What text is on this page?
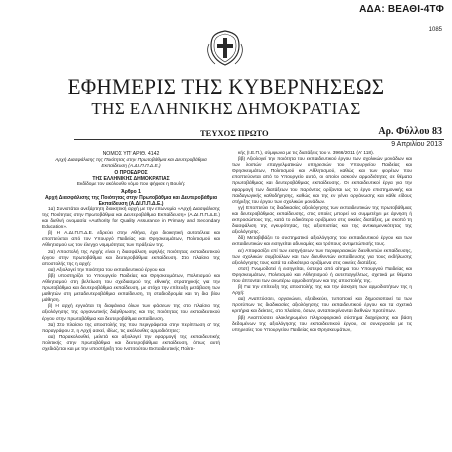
ΑΔΑ: ΒΕΑΘΙ-4ΤΦ
1085
ΕΦΗΜΕΡΙΣ ΤΗΣ ΚΥΒΕΡΝΗΣΕΩΣ
ΤΗΣ ΕΛΛΗΝΙΚΗΣ ΔΗΜΟΚΡΑΤΙΑΣ
ΤΕΥΧΟΣ ΠΡΩΤΟ	Αρ. Φύλλου 83
9 Απριλίου 2013

ΝΟΜΟΣ ΥΠ' ΑΡΙΘ. 4142

Αρχή Διασφάλισης της Ποιότητας στην Πρωτοβάθμια και Δευτεροβάθμια Εκπαίδευση (Α.ΔΙ.Π.Π.Δ.Ε.)

Ο ΠΡΟΕΔΡΟΣ

ΤΗΣ ΕΛΛΗΝΙΚΗΣ ΔΗΜΟΚΡΑΤΙΑΣ

Εκδίδομε τον ακόλουθο νόμο που ψήφισε η Βουλή:

Άρθρο 1

Αρχή Διασφάλισης της Ποιότητας στην Πρωτοβάθμια και Δευτεροβάθμια Εκπαίδευση (Α.ΔΙ.Π.Π.Δ.Ε.)

1α) Συνιστάται ανεξάρτητη διοικητική αρχή με την επωνυμία «Αρχή Διασφάλισης της Ποιότητας στην Πρωτοβάθμια και Δευτεροβάθμια Εκπαίδευση» (Α.ΔΙ.Π.Π.Δ.Ε.) και διεθνή ονομασία «Authority for Quality Assurance in Primary and Secondary Education».

β) Η Α.ΔΙ.Π.Π.Δ.Ε. εδρεύει στην Αθήνα, έχει διοικητική αυτοτέλεια και εποπτεύεται από τον Υπουργό Παιδείας και Θρησκευμάτων, Πολιτισμού και Αθλητισμού ως τον έλεγχο νομιμότητας των πράξεών της.

2α) Αποστολή της Αρχής είναι η διασφάλιση υψηλής ποιότητας εκπαιδευτικού έργου στην πρωτοβάθμια και δευτεροβάθμια εκπαίδευση. Στο πλαίσιο της αποστολής της η αρχή:

αα) Αξιολογεί την ποιότητα του εκπαιδευτικού έργου και

ββ) υποστηρίζει το Υπουργείο Παιδείας και Θρησκευμάτων, Πολιτισμού και Αθλητισμού στη βελτίωση του σχεδιασμού της εθνικής στρατηγικής για την πρωτοβάθμια και δευτεροβάθμια εκπαίδευση, με στόχο την επίτευξη μετάβαση των μαθητών στη μεταδευτεροβάθμια εκπαίδευση, τη σταδιοδρομία και τη δια βίου μάθηση.

β) Η αρχή εγγυάται τη διαφάνεια όλων των φάσεων της στο πλαίσιο της αξιολόγησης της οργανωτικής διάρθρωσης και της ποιότητας του εκπαιδευτικού έργου στην πρωτοβάθμια και δευτεροβάθμια εκπαίδευση.

3α) Στο πλαίσιο της αποστολής της που περιγράφεται στην περίπτωση α' της παραγράφου 2, η Αρχή ασκεί, ιδίως, τις ακόλουθες αρμοδιότητες:

αα) Παρακολουθεί, μελετά και αξιολογεί την εφαρμογή της εκπαιδευτικής πολιτικής στην πρωτοβάθμια και δευτεροβάθμια εκπαίδευση, όπως αυτή σχεδιάζεται και με την υποστήριξη του Ινστιτούτου Εκπαιδευτικής Πολιτι-

κής (Ι.Ε.Π.), σύμφωνα με τις διατάξεις του ν. 3966/2011 (Α' 118).

ββ) Αξιολογεί την ποιότητα του εκπαιδευτικού έργου των σχολικών μονάδων και των λοιπών επαγγελματικών υπηρεσιών του Υπουργείου Παιδείας και Θρησκευμάτων, Πολιτισμού και Αθλητισμού, καθώς και των φορέων που εποπτεύονται από το Υπουργείο αυτό, οι οποίοι ασκούν αρμοδιότητες σε θέματα πρωτοβάθμιας και δευτεροβάθμιας εκπαίδευσης. Οι εκπαιδευτικοί έργα για την εφαρμογή των διατάξεων του παρόντος ορίζονται ως το έργο επιστημονικής και παιδαγωγικής καθοδήγησης, καθώς και της εν γένει οργάνωσης και κάθε είδους στήριξης του έργου των σχολικών μονάδων.

γγ) Εποπτεύει τις διαδικασίες αξιολόγησης των εκπαιδευτικών της πρωτοβάθμιας και δευτεροβάθμιας εκπαίδευσης, στις οποίες μπορεί να συμμετέχει με άρνηση ή εκπροσώπους της, κατά το ειδικότερο οριζόμενο στις οικείες διατάξεις, με σκοπό τη διασφάλιση της εγκυρότητας, της αξιοπιστίας και της αντικειμενικότητας της αξιολόγησης.

δδ) Μεταβιβάζει το συστηματικό αξιολόγησης του εκπαιδευτικού έργου και των εκπαιδευτικών και εισηγείται αδυναμίες και τρόπους αντιμετώπισής τους.

εε) Αποφασίζει επί των εισηγήσεων των περιφερειακών διευθυντών εκπαίδευσης, των σχολικών συμβούλων και των διευθυντών εκπαίδευσης για τους εκδήλωσης αξιολόγησης τους κατά τα ειδικότερα οριζόμενα στις οικείες διατάξεις.

στστ) Γνωμοδοτεί ή εισηγείται, ύστερα από αίτημα του Υπουργού Παιδείας και Θρησκευμάτων, Πολιτισμού και Αθλητισμού ή αυτεπαγγέλτως, σχετικά με θέματα που άπτονται των ανωτέρω αρμοδιοτήτων και της αποστολής της.

β) Για την επίτευξη της αποστολής της και την άσκηση των αρμοδιοτήτων της η Αρχή:

αα) Αναπτύσσει, οργανώνει, εξειδικεύει, τυποποιεί και δημοσιοποιεί τα των προτύπων τις διαδικασίες αξιολόγησης του εκπαιδευτικού έργου και τα σχετικά κριτήρια και δείκτες, στο πλαίσιο, όσων, ανταποκρίνονται διεθνών προτύπων.

ββ) Αναπτύσσει ολοκληρωμένο πληροφοριακό σύστημα διαχείρισης και βάση δεδομένων της αξιολόγησης του εκπαιδευτικού έργου, σε συνεργασία με τις υπηρεσίες του Υπουργείου Παιδείας και Θρησκευμάτων,
